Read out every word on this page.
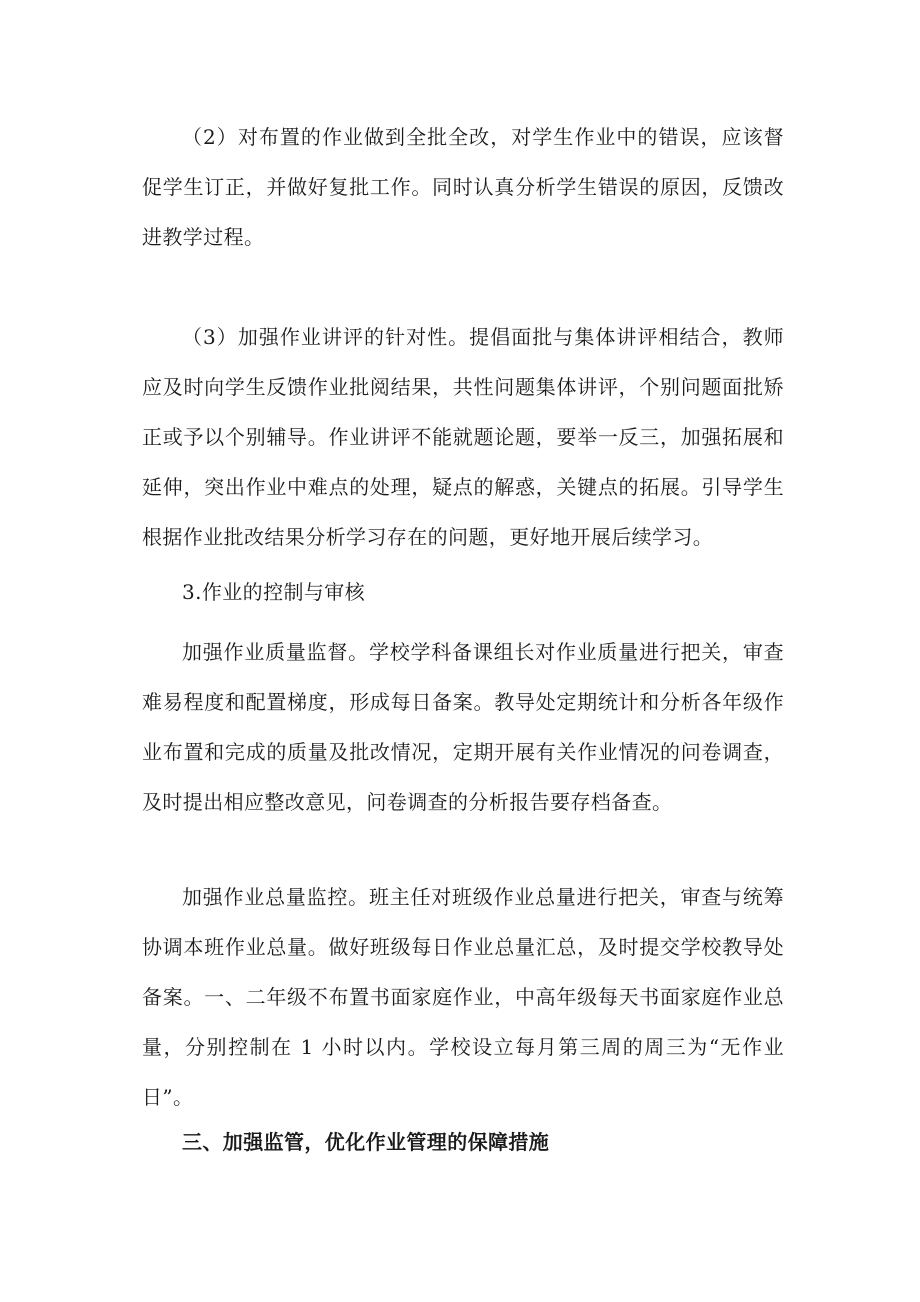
（2）对布置的作业做到全批全改，对学生作业中的错误，应该督促学生订正，并做好复批工作。同时认真分析学生错误的原因，反馈改进教学过程。

（3）加强作业讲评的针对性。提倡面批与集体讲评相结合，教师应及时向学生反馈作业批阅结果，共性问题集体讲评，个别问题面批矫正或予以个别辅导。作业讲评不能就题论题，要举一反三，加强拓展和延伸，突出作业中难点的处理，疑点的解惑，关键点的拓展。引导学生根据作业批改结果分析学习存在的问题，更好地开展后续学习。

3.作业的控制与审核

加强作业质量监督。学校学科备课组长对作业质量进行把关，审查难易程度和配置梯度，形成每日备案。教导处定期统计和分析各年级作业布置和完成的质量及批改情况，定期开展有关作业情况的问卷调查，及时提出相应整改意见，问卷调查的分析报告要存档备查。

加强作业总量监控。班主任对班级作业总量进行把关，审查与统筹协调本班作业总量。做好班级每日作业总量汇总，及时提交学校教导处备案。一、二年级不布置书面家庭作业，中高年级每天书面家庭作业总量，分别控制在 1 小时以内。学校设立每月第三周的周三为“无作业日”。

三、加强监管，优化作业管理的保障措施
